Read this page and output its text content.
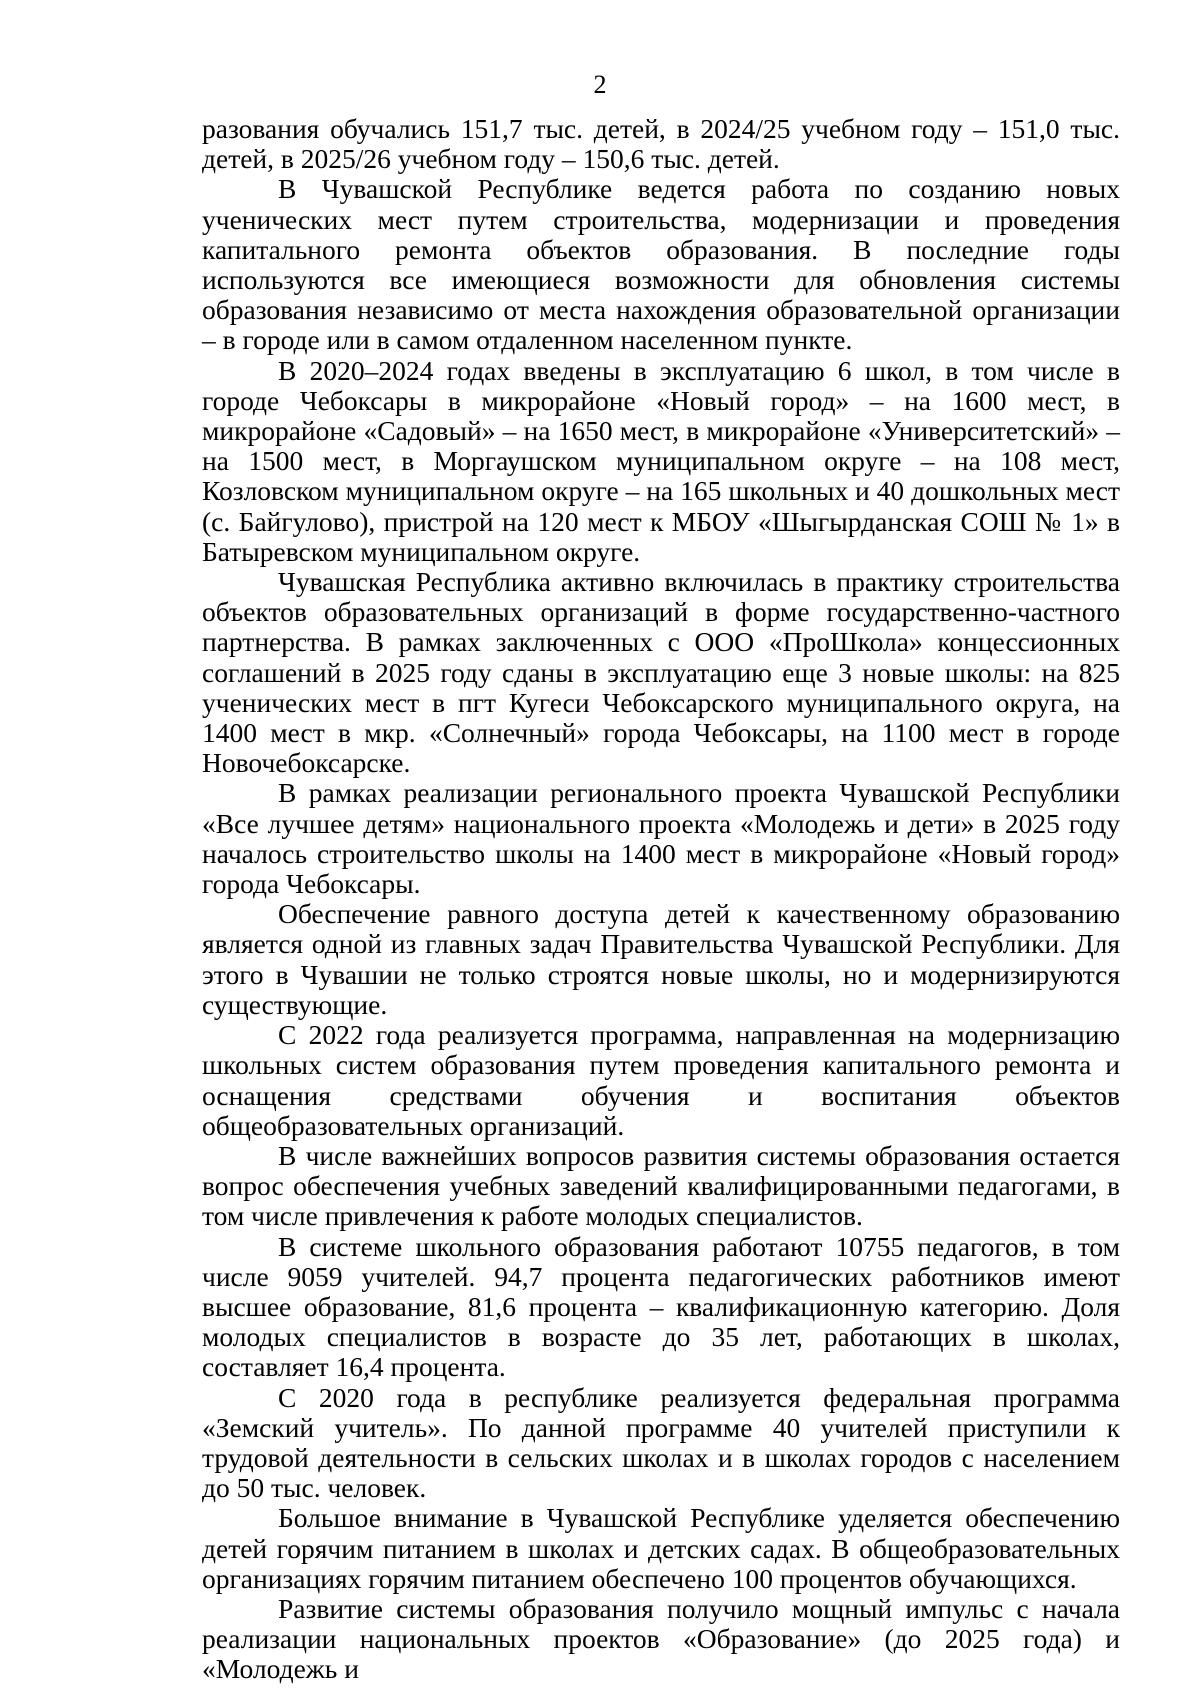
2

разования обучались 151,7 тыс. детей, в 2024/25 учебном году – 151,0 тыс. детей, в 2025/26 учебном году – 150,6 тыс. детей.

В Чувашской Республике ведется работа по созданию новых ученических мест путем строительства, модернизации и проведения капитального ремонта объектов образования. В последние годы используются все имеющиеся возможности для обновления системы образования независимо от места нахождения образовательной организации – в городе или в самом отдаленном населенном пункте.

В 2020–2024 годах введены в эксплуатацию 6 школ, в том числе в городе Чебоксары в микрорайоне «Новый город» – на 1600 мест, в микрорайоне «Садовый» – на 1650 мест, в микрорайоне «Университетский» – на 1500 мест, в Моргаушском муниципальном округе – на 108 мест, Козловском муниципальном округе – на 165 школьных и 40 дошкольных мест (с. Байгулово), пристрой на 120 мест к МБОУ «Шыгырданская СОШ № 1» в Батыревском муниципальном округе.

Чувашская Республика активно включилась в практику строительства объектов образовательных организаций в форме государственно-частного партнерства. В рамках заключенных с ООО «ПроШкола» концессионных соглашений в 2025 году сданы в эксплуатацию еще 3 новые школы: на 825 ученических мест в пгт Кугеси Чебоксарского муниципального округа, на 1400 мест в мкр. «Солнечный» города Чебоксары, на 1100 мест в городе Новочебоксарске.

В рамках реализации регионального проекта Чувашской Республики «Все лучшее детям» национального проекта «Молодежь и дети» в 2025 году началось строительство школы на 1400 мест в микрорайоне «Новый город» города Чебоксары.

Обеспечение равного доступа детей к качественному образованию является одной из главных задач Правительства Чувашской Республики. Для этого в Чувашии не только строятся новые школы, но и модернизируются существующие.

С 2022 года реализуется программа, направленная на модернизацию школьных систем образования путем проведения капитального ремонта и оснащения средствами обучения и воспитания объектов общеобразовательных организаций.

В числе важнейших вопросов развития системы образования остается вопрос обеспечения учебных заведений квалифицированными педагогами, в том числе привлечения к работе молодых специалистов.

В системе школьного образования работают 10755 педагогов, в том числе 9059 учителей. 94,7 процента педагогических работников имеют высшее образование, 81,6 процента – квалификационную категорию. Доля молодых специалистов в возрасте до 35 лет, работающих в школах, составляет 16,4 процента.

С 2020 года в республике реализуется федеральная программа «Земский учитель». По данной программе 40 учителей приступили к трудовой деятельности в сельских школах и в школах городов с населением до 50 тыс. человек.

Большое внимание в Чувашской Республике уделяется обеспечению детей горячим питанием в школах и детских садах. В общеобразовательных организациях горячим питанием обеспечено 100 процентов обучающихся.

Развитие системы образования получило мощный импульс с начала реализации национальных проектов «Образование» (до 2025 года) и «Молодежь и
